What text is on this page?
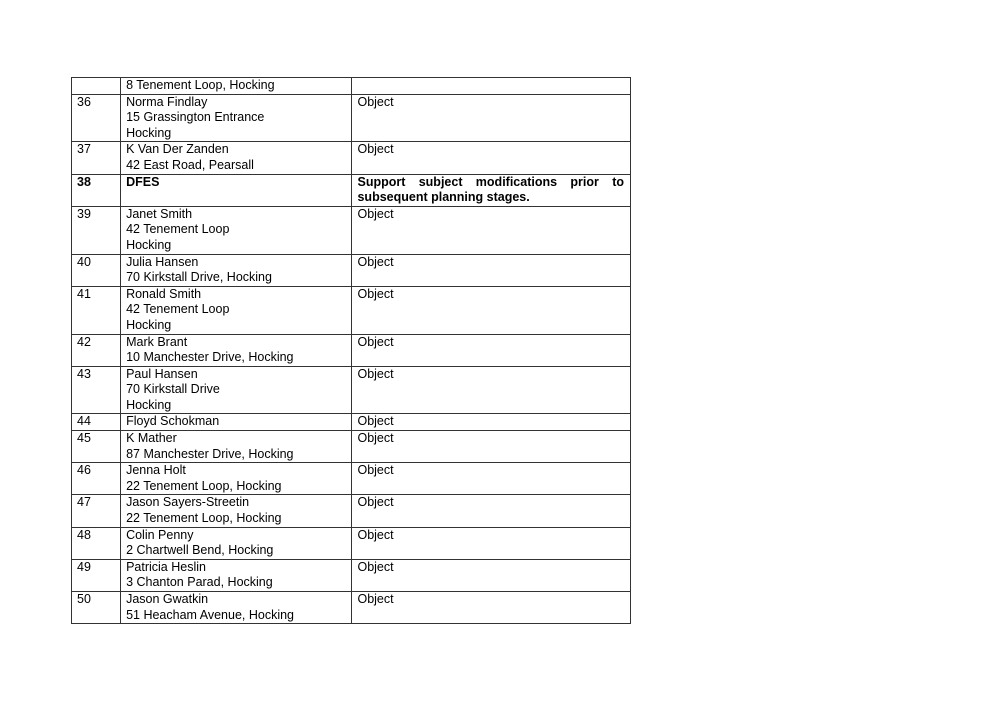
	8 Tenement Loop, Hocking	

36	Norma Findlay
15 Grassington Entrance
Hocking	Object

37	K Van Der Zanden
42 East Road, Pearsall	Object

38	DFES	Support subject modifications prior to
subsequent planning stages.

39	Janet Smith
42 Tenement Loop
Hocking	Object

40	Julia Hansen
70 Kirkstall Drive, Hocking	Object

41	Ronald Smith
42 Tenement Loop
Hocking	Object

42	Mark Brant
10 Manchester Drive, Hocking	Object

43	Paul Hansen
70 Kirkstall Drive
Hocking	Object

44	Floyd Schokman	Object

45	K Mather
87 Manchester Drive, Hocking	Object

46	Jenna Holt
22 Tenement Loop, Hocking	Object

47	Jason Sayers-Streetin
22 Tenement Loop, Hocking	Object

48	Colin Penny
2 Chartwell Bend, Hocking	Object

49	Patricia Heslin
3 Chanton Parad, Hocking	Object

50	Jason Gwatkin
51 Heacham Avenue, Hocking	Object
